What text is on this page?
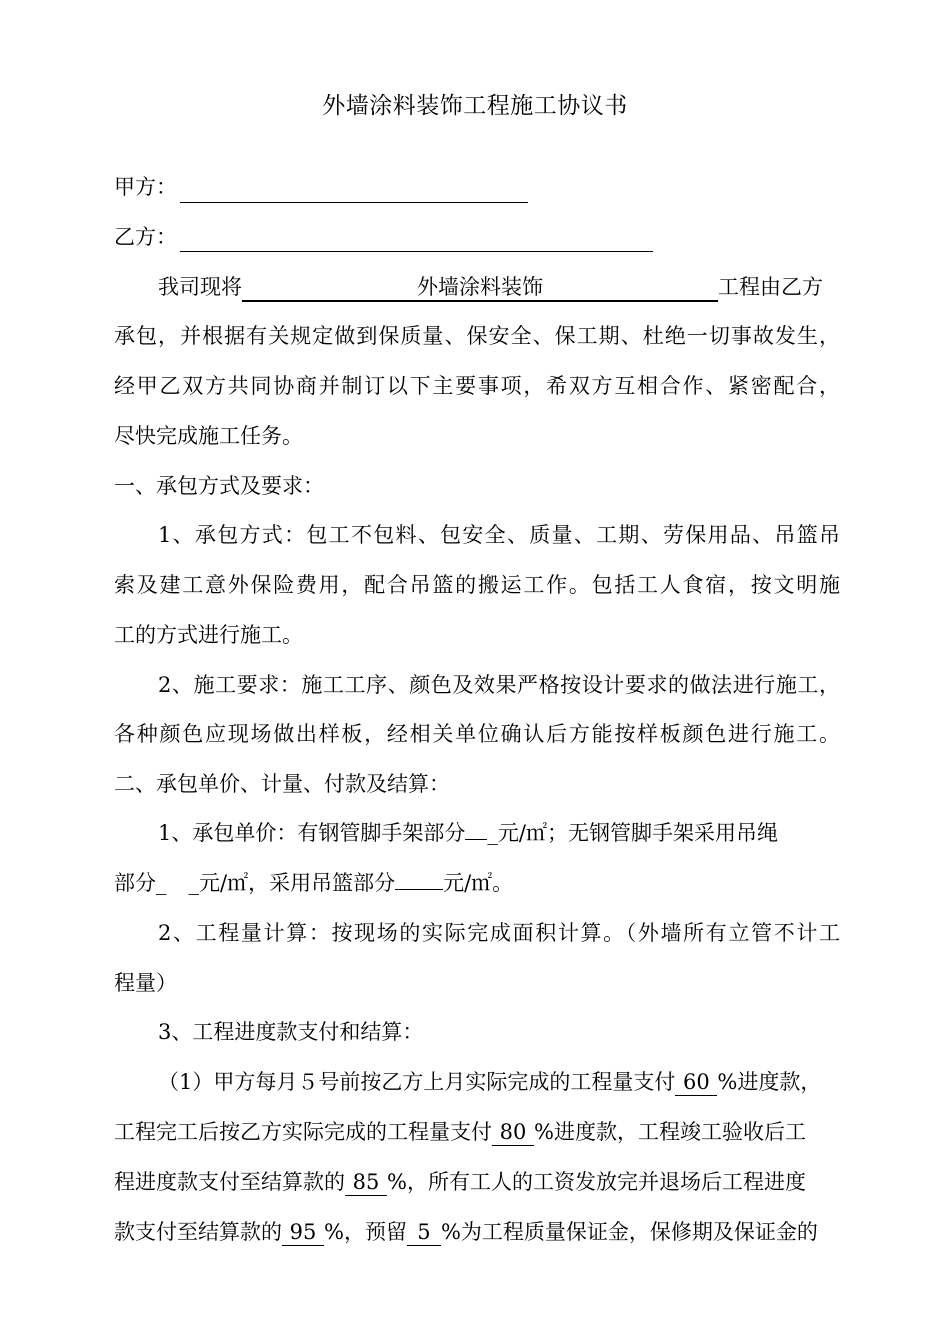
外墙涂料装饰工程施工协议书
甲方：
乙方：
我司现将	外墙涂料装饰	工程由乙方
承包，并根据有关规定做到保质量、保安全、保工期、杜绝一切事故发生，
经甲乙双方共同协商并制订以下主要事项，希双方互相合作、紧密配合，
尽快完成施工任务。
一、承包方式及要求：
1、承包方式：包工不包料、包安全、质量、工期、劳保用品、吊篮吊
索及建工意外保险费用，配合吊篮的搬运工作。包括工人食宿，按文明施
工的方式进行施工。
2、施工要求：施工工序、颜色及效果严格按设计要求的做法进行施工，
各种颜色应现场做出样板，经相关单位确认后方能按样板颜色进行施工。
二、承包单价、计量、付款及结算：
1、承包单价：有钢管脚手架部分 _元/㎡；无钢管脚手架采用吊绳
部分_ _元/㎡，采用吊篮部分 元/㎡。
2、工程量计算：按现场的实际完成面积计算。（外墙所有立管不计工
程量）
3、工程进度款支付和结算：
（1）甲方每月５号前按乙方上月实际完成的工程量支付 60 %进度款，
工程完工后按乙方实际完成的工程量支付 80 %进度款，工程竣工验收后工
程进度款支付至结算款的 85 %，所有工人的工资发放完并退场后工程进度
款支付至结算款的 95 %，预留 5 %为工程质量保证金，保修期及保证金的
